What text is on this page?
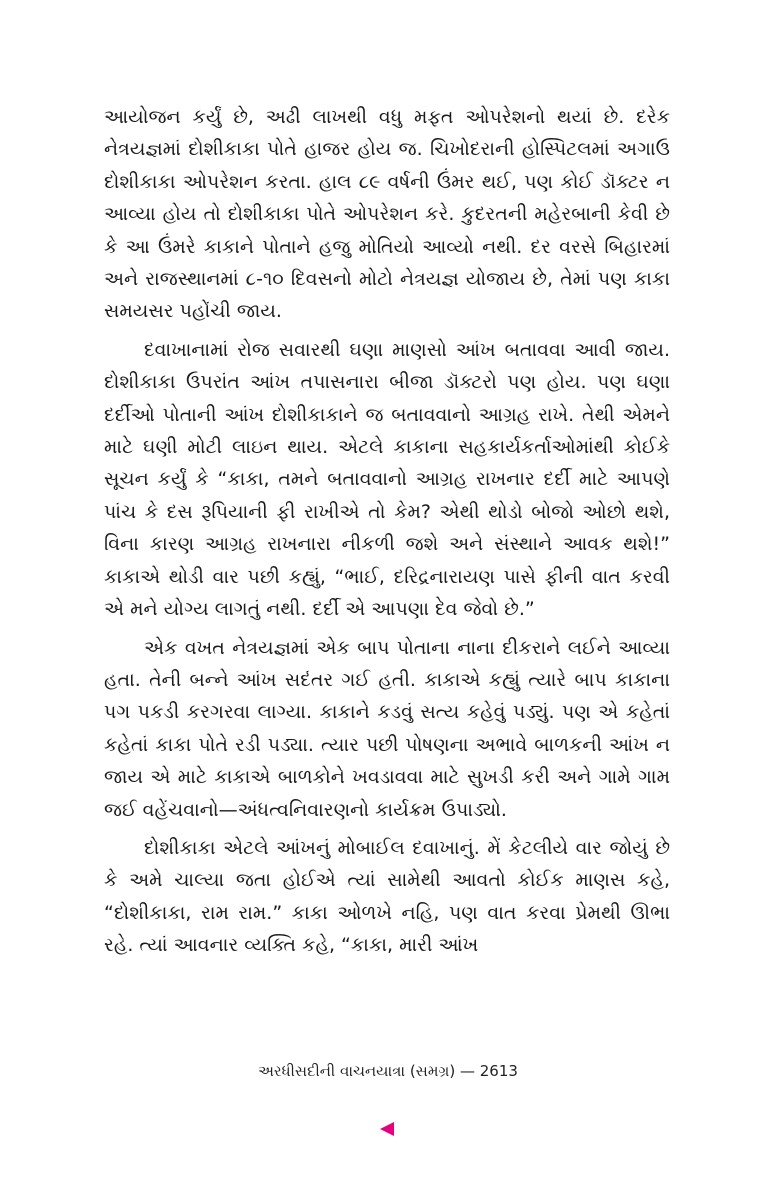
આયોજન કર્યું છે, અઢી લાખથી વધુ મફત ઓપરેશનો થયાં છે. દરેક નેત્રયજ્ઞમાં દોશીકાકા પોતે હાજર હોય જ. ચિખોદરાની હોસ્પિટલમાં અગાઉ દોશીકાકા ઓપરેશન કરતા. હાલ ૮૯ વર્ષની ઉંમર થઈ, પણ કોઈ ડૉક્ટર ન આવ્યા હોય તો દોશીકાકા પોતે ઓપરેશન કરે. કુદરતની મહેરબાની કેવી છે કે આ ઉંમરે કાકાને પોતાને હજુ મોતિયો આવ્યો નથી. દર વરસે બિહારમાં અને રાજસ્થાનમાં ૮-૧૦ દિવસનો મોટો નેત્રયજ્ઞ યોજાય છે, તેમાં પણ કાકા સમયસર પહોંચી જાય.

દવાખાનામાં રોજ સવારથી ઘણા માણસો આંખ બતાવવા આવી જાય. દોશીકાકા ઉપરાંત આંખ તપાસનારા બીજા ડૉક્ટરો પણ હોય. પણ ઘણા દર્દીઓ પોતાની આંખ દોશીકાકાને જ બતાવવાનો આગ્રહ રાખે. તેથી એમને માટે ઘણી મોટી લાઇન થાય. એટલે કાકાના સહકાર્યકર્તાઓમાંથી કોઈકે સૂચન કર્યું કે “કાકા, તમને બતાવવાનો આગ્રહ રાખનાર દર્દી માટે આપણે પાંચ કે દસ રૂપિયાની ફી રાખીએ તો કેમ? એથી થોડો બોજો ઓછો થશે, વિના કારણ આગ્રહ રાખનારા નીકળી જશે અને સંસ્થાને આવક થશે!” કાકાએ થોડી વાર પછી કહ્યું, “ભાઈ, દરિદ્રનારાયણ પાસે ફીની વાત કરવી એ મને યોગ્ય લાગતું નથી. દર્દી એ આપણા દેવ જેવો છે.”

એક વખત નેત્રયજ્ઞમાં એક બાપ પોતાના નાના દીકરાને લઈને આવ્યા હતા. તેની બન્ને આંખ સદંતર ગઈ હતી. કાકાએ કહ્યું ત્યારે બાપ કાકાના પગ પકડી કરગરવા લાગ્યા. કાકાને કડવું સત્ય કહેવું પડ્યું. પણ એ કહેતાં કહેતાં કાકા પોતે રડી પડ્યા. ત્યાર પછી પોષણના અભાવે બાળકની આંખ ન જાય એ માટે કાકાએ બાળકોને ખવડાવવા માટે સુખડી કરી અને ગામે ગામ જઈ વહેંચવાનો—અંધત્વનિવારણનો કાર્યક્રમ ઉપાડ્યો.

દોશીકાકા એટલે આંખનું મોબાઈલ દવાખાનું. મેં કેટલીયે વાર જોયું છે કે અમે ચાલ્યા જતા હોઈએ ત્યાં સામેથી આવતો કોઈક માણસ કહે, “દોશીકાકા, રામ રામ.” કાકા ઓળખે નહિ, પણ વાત કરવા પ્રેમથી ઊભા રહે. ત્યાં આવનાર વ્યક્તિ કહે, “કાકા, મારી આંખ

અરધીસદીની વાચનયાત્રા (સમગ્ર) — 2613
